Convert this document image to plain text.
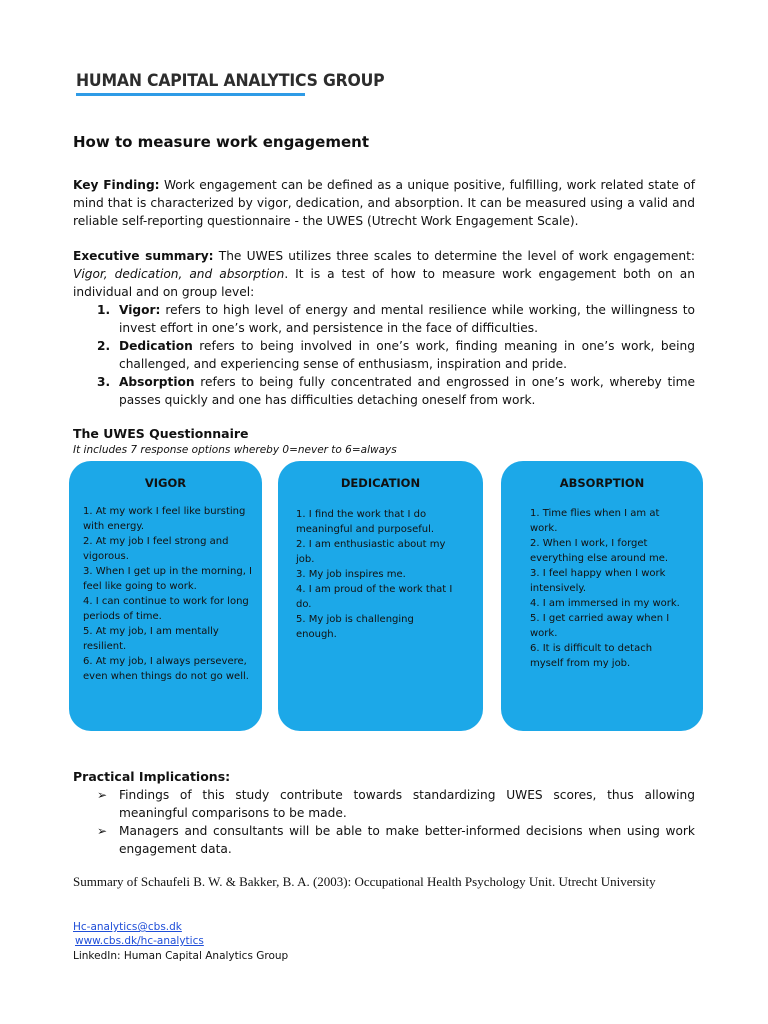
HUMAN CAPITAL ANALYTICS GROUP
How to measure work engagement

Key Finding: Work engagement can be defined as a unique positive, fulfilling, work related state of mind that is characterized by vigor, dedication, and absorption. It can be measured using a valid and reliable self-reporting questionnaire - the UWES (Utrecht Work Engagement Scale).

Executive summary: The UWES utilizes three scales to determine the level of work engagement: Vigor, dedication, and absorption. It is a test of how to measure work engagement both on an individual and on group level:

1. Vigor: refers to high level of energy and mental resilience while working, the willingness to invest effort in one’s work, and persistence in the face of difficulties.
2. Dedication refers to being involved in one’s work, finding meaning in one’s work, being challenged, and experiencing sense of enthusiasm, inspiration and pride.
3. Absorption refers to being fully concentrated and engrossed in one’s work, whereby time passes quickly and one has difficulties detaching oneself from work.
The UWES Questionnaire

It includes 7 response options whereby 0=never to 6=always

VIGOR
1. At my work I feel like bursting with energy.
2. At my job I feel strong and vigorous.
3. When I get up in the morning, I feel like going to work.
4. I can continue to work for long periods of time.
5. At my job, I am mentally resilient.
6. At my job, I always persevere, even when things do not go well.
DEDICATION
1. I find the work that I do meaningful and purposeful.
2. I am enthusiastic about my job.
3. My job inspires me.
4. I am proud of the work that I do.
5. My job is challenging enough.
ABSORPTION
1. Time flies when I am at work.
2. When I work, I forget everything else around me.
3. I feel happy when I work intensively.
4. I am immersed in my work.
5. I get carried away when I work.
6. It is difficult to detach myself from my job.
Practical Implications:
➢ Findings of this study contribute towards standardizing UWES scores, thus allowing meaningful comparisons to be made.
➢ Managers and consultants will be able to make better-informed decisions when using work engagement data.

Summary of Schaufeli B. W. & Bakker, B. A. (2003): Occupational Health Psychology Unit. Utrecht University

Hc-analytics@cbs.dk

www.cbs.dk/hc-analytics

LinkedIn: Human Capital Analytics Group
